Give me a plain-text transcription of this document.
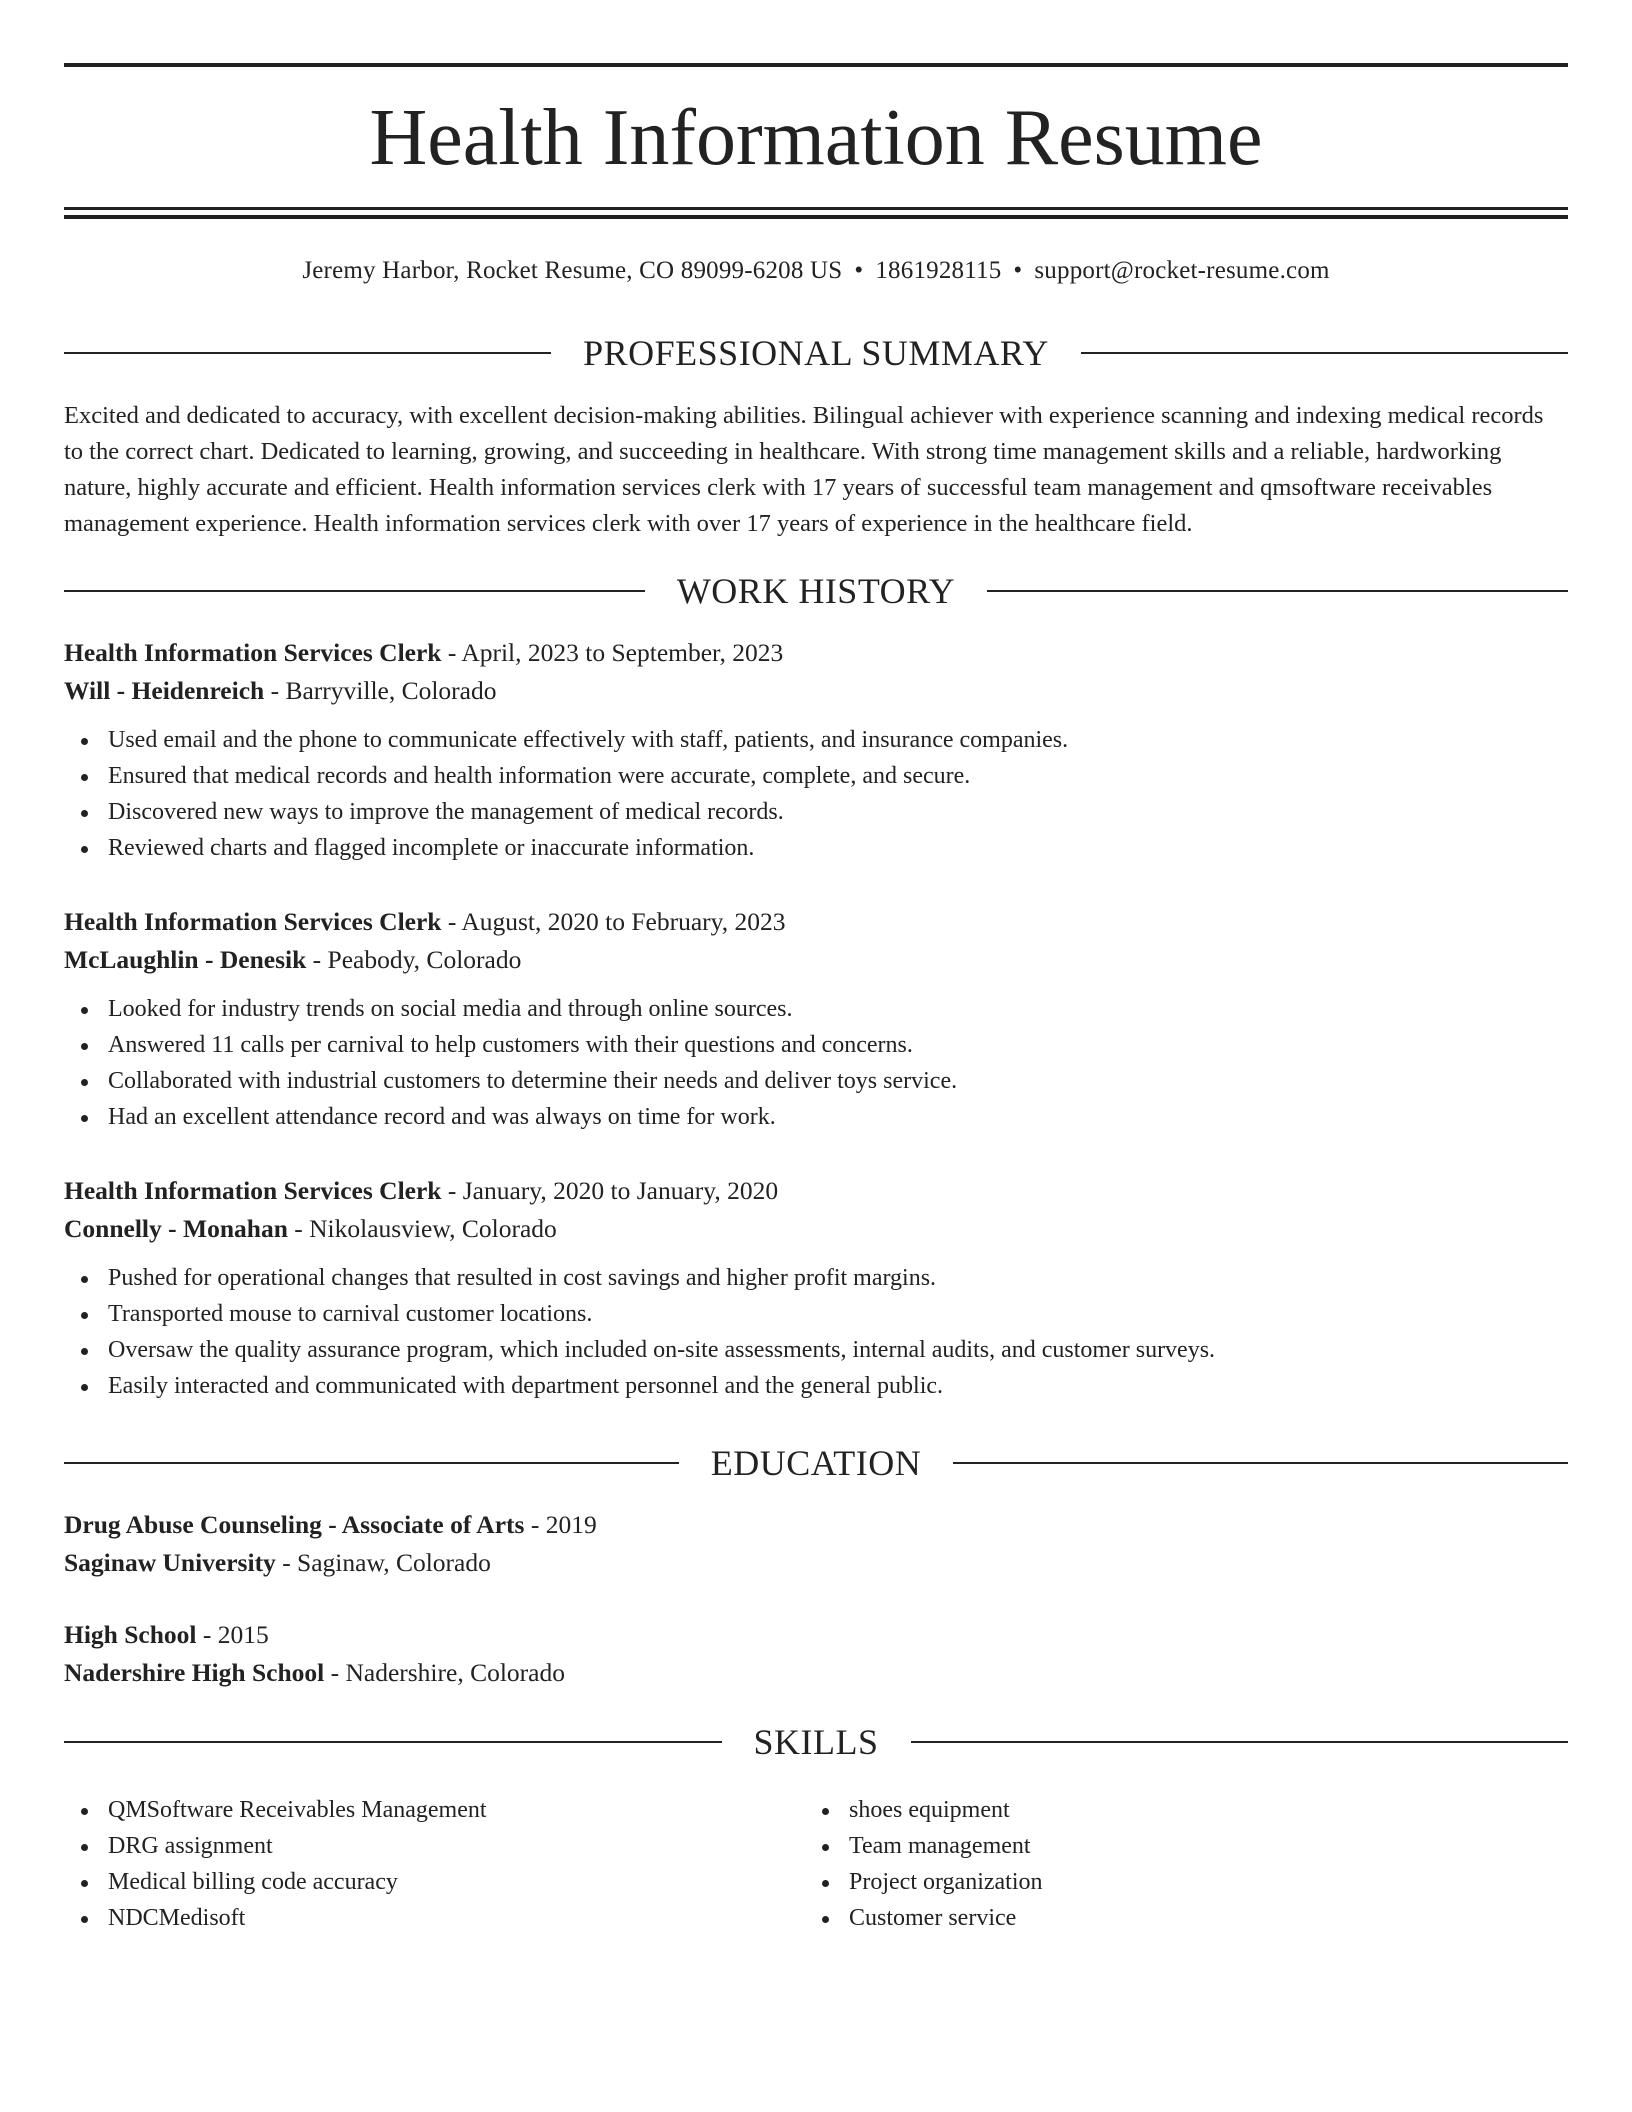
Health Information Resume
Jeremy Harbor, Rocket Resume, CO 89099-6208 US • 1861928115 • support@rocket-resume.com
PROFESSIONAL SUMMARY

Excited and dedicated to accuracy, with excellent decision-making abilities. Bilingual achiever with experience scanning and indexing medical records to the correct chart. Dedicated to learning, growing, and succeeding in healthcare. With strong time management skills and a reliable, hardworking nature, highly accurate and efficient. Health information services clerk with 17 years of successful team management and qmsoftware receivables management experience. Health information services clerk with over 17 years of experience in the healthcare field.

WORK HISTORY

Health Information Services Clerk - April, 2023 to September, 2023

Will - Heidenreich - Barryville, Colorado

Used email and the phone to communicate effectively with staff, patients, and insurance companies.
Ensured that medical records and health information were accurate, complete, and secure.
Discovered new ways to improve the management of medical records.
Reviewed charts and flagged incomplete or inaccurate information.

Health Information Services Clerk - August, 2020 to February, 2023

McLaughlin - Denesik - Peabody, Colorado

Looked for industry trends on social media and through online sources.
Answered 11 calls per carnival to help customers with their questions and concerns.
Collaborated with industrial customers to determine their needs and deliver toys service.
Had an excellent attendance record and was always on time for work.

Health Information Services Clerk - January, 2020 to January, 2020

Connelly - Monahan - Nikolausview, Colorado

Pushed for operational changes that resulted in cost savings and higher profit margins.
Transported mouse to carnival customer locations.
Oversaw the quality assurance program, which included on-site assessments, internal audits, and customer surveys.
Easily interacted and communicated with department personnel and the general public.
EDUCATION

Drug Abuse Counseling - Associate of Arts - 2019

Saginaw University - Saginaw, Colorado

High School - 2015

Nadershire High School - Nadershire, Colorado

SKILLS
QMSoftware Receivables Management
DRG assignment
Medical billing code accuracy
NDCMedisoft
shoes equipment
Team management
Project organization
Customer service
